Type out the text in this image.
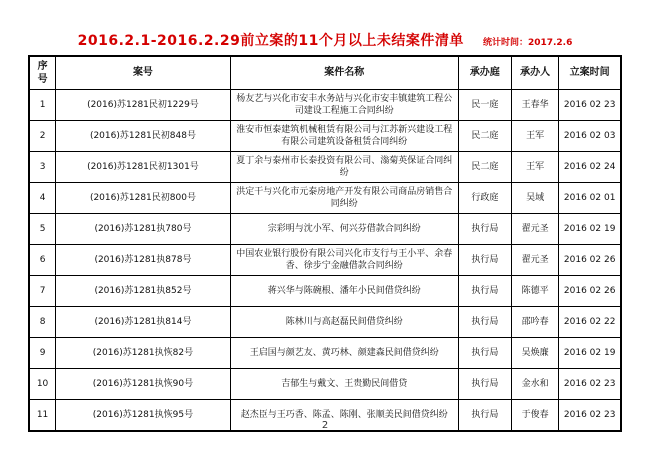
2016.2.1-2016.2.29前立案的11个月以上未结案件清单 统计时间：2017.2.6
序号	案号	案件名称	承办庭	承办人	立案时间
1	(2016)苏1281民初1229号	杨友艺与兴化市安丰水务站与兴化市安丰镇建筑工程公司建设工程施工合同纠纷	民一庭	王春华	2016 02 23
2	(2016)苏1281民初848号	淮安市恒泰建筑机械租赁有限公司与江苏新兴建设工程有限公司建筑设备租赁合同纠纷	民二庭	王军	2016 02 03
3	(2016)苏1281民初1301号	夏丁余与泰州市长泰投资有限公司、滃菊英保证合同纠纷	民二庭	王军	2016 02 24
4	(2016)苏1281民初800号	洪定干与兴化市元泰房地产开发有限公司商品房销售合同纠纷	行政庭	吴域	2016 02 01
5	(2016)苏1281执780号	宗彩明与沈小军、何兴芬借款合同纠纷	执行局	翟元圣	2016 02 19
6	(2016)苏1281执878号	中国农业银行股份有限公司兴化市支行与王小平、余春香、徐步宁金融借款合同纠纷	执行局	翟元圣	2016 02 26
7	(2016)苏1281执852号	蒋兴华与陈碗根、潘年小民间借贷纠纷	执行局	陈德平	2016 02 26
8	(2016)苏1281执814号	陈林川与高赵磊民间借贷纠纷	执行局	邵吟春	2016 02 22
9	(2016)苏1281执恢82号	王启国与颜艺友、黄巧林、颜建森民间借贷纠纷	执行局	吴焕廉	2016 02 19
10	(2016)苏1281执恢90号	吉郁生与戴文、王贵勤民间借贷	执行局	金水和	2016 02 23
11	(2016)苏1281执恢95号	赵杰臣与王巧香、陈孟、陈刚、张顺美民间借贷纠纷	执行局	于俊春	2016 02 23
2
